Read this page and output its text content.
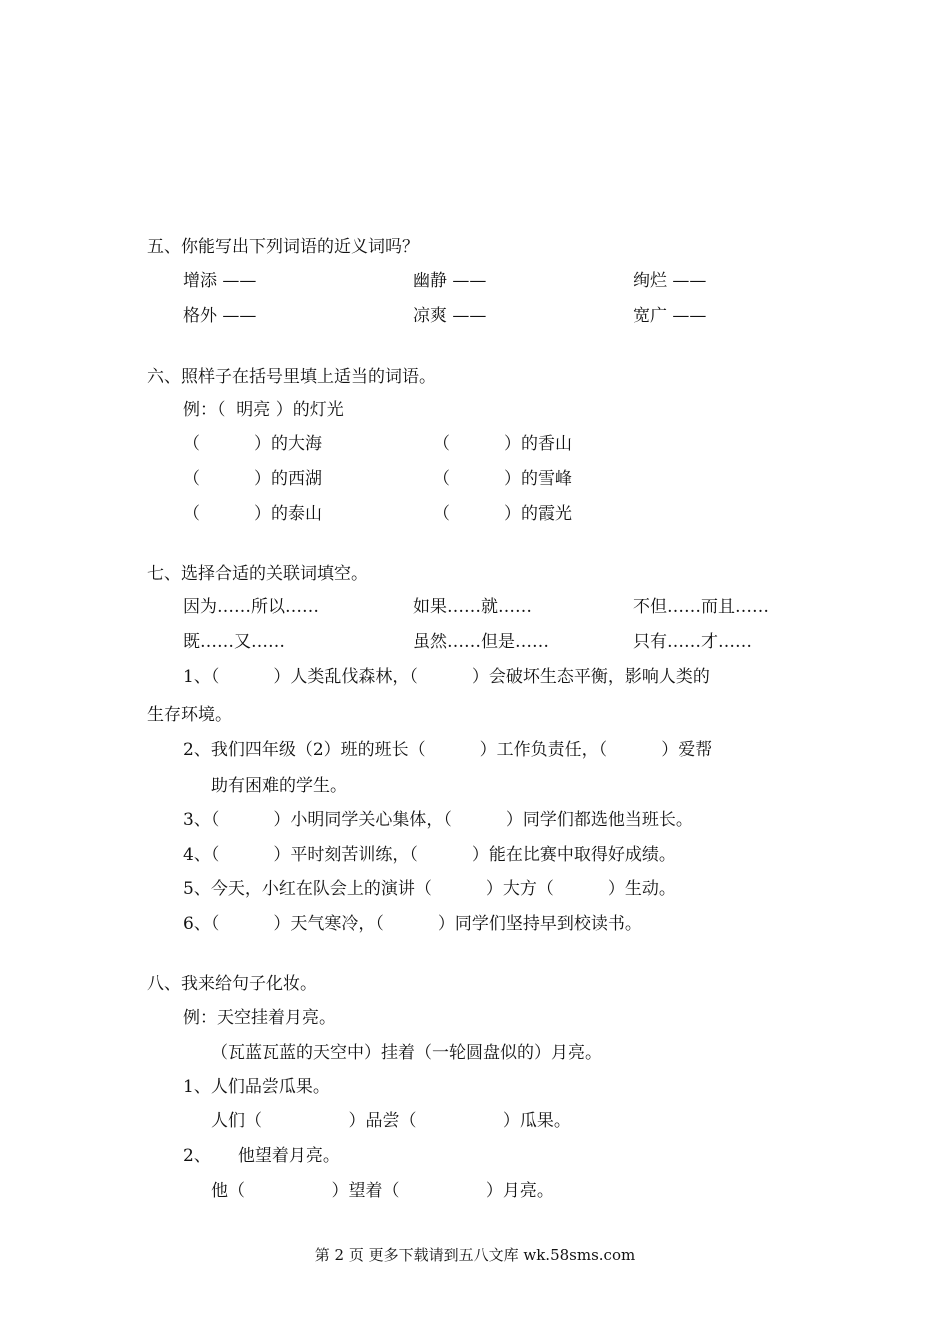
五、你能写出下列词语的近义词吗？
增添 ——	幽静 ——	绚烂 ——
格外 ——	凉爽 ——	宽广 ——
六、照样子在括号里填上适当的词语。
例：（  明亮 ）的灯光
（          ）的大海	（          ）的香山
（          ）的西湖	（          ）的雪峰
（          ）的泰山	（          ）的霞光
七、选择合适的关联词填空。
因为……所以……	如果……就……	不但……而且……
既……又……	虽然……但是……	只有……才……
1、（          ）人类乱伐森林，（          ）会破坏生态平衡，影响人类的
生存环境。
2、我们四年级（2）班的班长（          ）工作负责任，（          ）爱帮
助有困难的学生。
3、（          ）小明同学关心集体，（          ）同学们都选他当班长。
4、（          ）平时刻苦训练，（          ）能在比赛中取得好成绩。
5、今天，小红在队会上的演讲（          ）大方（          ）生动。
6、（          ）天气寒冷，（          ）同学们坚持早到校读书。
八、我来给句子化妆。
例：天空挂着月亮。
（瓦蓝瓦蓝的天空中）挂着（一轮圆盘似的）月亮。
1、人们品尝瓜果。
人们（                ）品尝（                ）瓜果。
2、     他望着月亮。
他（                ）望着（                ）月亮。
第 2 页 更多下载请到五八文库 wk.58sms.com
